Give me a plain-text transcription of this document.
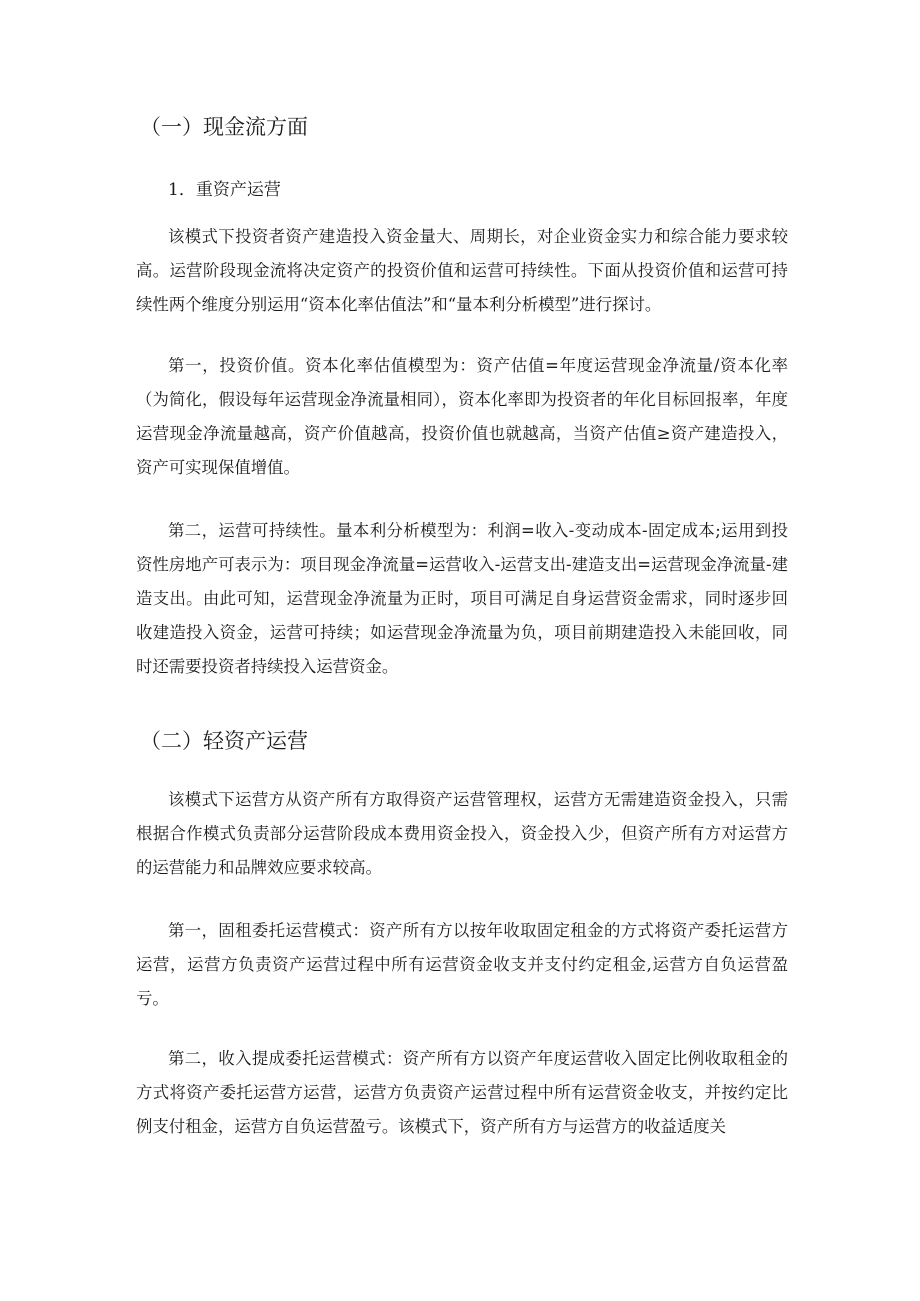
（一）现金流方面
1．重资产运营

该模式下投资者资产建造投入资金量大、周期长，对企业资金实力和综合能力要求较高。运营阶段现金流将决定资产的投资价值和运营可持续性。下面从投资价值和运营可持续性两个维度分别运用“资本化率估值法”和“量本利分析模型”进行探讨。

第一，投资价值。资本化率估值模型为：资产估值=年度运营现金净流量/资本化率（为简化，假设每年运营现金净流量相同），资本化率即为投资者的年化目标回报率，年度运营现金净流量越高，资产价值越高，投资价值也就越高，当资产估值≥资产建造投入，资产可实现保值增值。

第二，运营可持续性。量本利分析模型为：利润=收入-变动成本-固定成本;运用到投资性房地产可表示为：项目现金净流量=运营收入-运营支出-建造支出=运营现金净流量-建造支出。由此可知，运营现金净流量为正时，项目可满足自身运营资金需求，同时逐步回收建造投入资金，运营可持续；如运营现金净流量为负，项目前期建造投入未能回收，同时还需要投资者持续投入运营资金。

（二）轻资产运营

该模式下运营方从资产所有方取得资产运营管理权，运营方无需建造资金投入，只需根据合作模式负责部分运营阶段成本费用资金投入，资金投入少，但资产所有方对运营方的运营能力和品牌效应要求较高。

第一，固租委托运营模式：资产所有方以按年收取固定租金的方式将资产委托运营方运营，运营方负责资产运营过程中所有运营资金收支并支付约定租金,运营方自负运营盈亏。

第二，收入提成委托运营模式：资产所有方以资产年度运营收入固定比例收取租金的方式将资产委托运营方运营，运营方负责资产运营过程中所有运营资金收支，并按约定比例支付租金，运营方自负运营盈亏。该模式下，资产所有方与运营方的收益适度关
